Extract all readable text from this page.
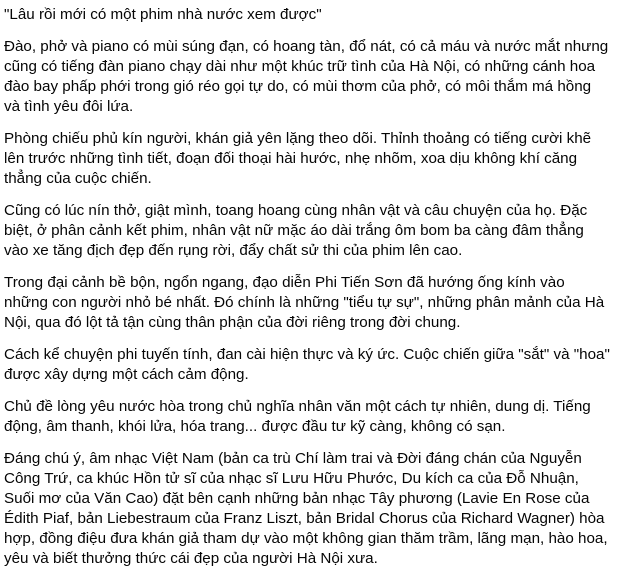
"Lâu rồi mới có một phim nhà nước xem được"

Đào, phở và piano có mùi súng đạn, có hoang tàn, đổ nát, có cả máu và nước mắt nhưng cũng có tiếng đàn piano chạy dài như một khúc trữ tình của Hà Nội, có những cánh hoa đào bay phấp phới trong gió réo gọi tự do, có mùi thơm của phở, có môi thắm má hồng và tình yêu đôi lứa.

Phòng chiếu phủ kín người, khán giả yên lặng theo dõi. Thỉnh thoảng có tiếng cười khẽ lên trước những tình tiết, đoạn đối thoại hài hước, nhẹ nhõm, xoa dịu không khí căng thẳng của cuộc chiến.

Cũng có lúc nín thở, giật mình, toang hoang cùng nhân vật và câu chuyện của họ. Đặc biệt, ở phân cảnh kết phim, nhân vật nữ mặc áo dài trắng ôm bom ba càng đâm thẳng vào xe tăng địch đẹp đến rụng rời, đẩy chất sử thi của phim lên cao.

Trong đại cảnh bề bộn, ngổn ngang, đạo diễn Phi Tiến Sơn đã hướng ống kính vào những con người nhỏ bé nhất. Đó chính là những "tiểu tự sự", những phân mảnh của Hà Nội, qua đó lột tả tận cùng thân phận của đời riêng trong đời chung.

Cách kể chuyện phi tuyến tính, đan cài hiện thực và ký ức. Cuộc chiến giữa "sắt" và "hoa" được xây dựng một cách cảm động.

Chủ đề lòng yêu nước hòa trong chủ nghĩa nhân văn một cách tự nhiên, dung dị. Tiếng động, âm thanh, khói lửa, hóa trang... được đầu tư kỹ càng, không có sạn.

Đáng chú ý, âm nhạc Việt Nam (bản ca trù Chí làm trai và Đời đáng chán của Nguyễn Công Trứ, ca khúc Hồn tử sĩ của nhạc sĩ Lưu Hữu Phước, Du kích ca của Đỗ Nhuận, Suối mơ của Văn Cao) đặt bên cạnh những bản nhạc Tây phương (Lavie En Rose của Édith Piaf, bản Liebestraum của Franz Liszt, bản Bridal Chorus của Richard Wagner) hòa hợp, đồng điệu đưa khán giả tham dự vào một không gian thăm trầm, lãng mạn, hào hoa, yêu và biết thưởng thức cái đẹp của người Hà Nội xưa.
